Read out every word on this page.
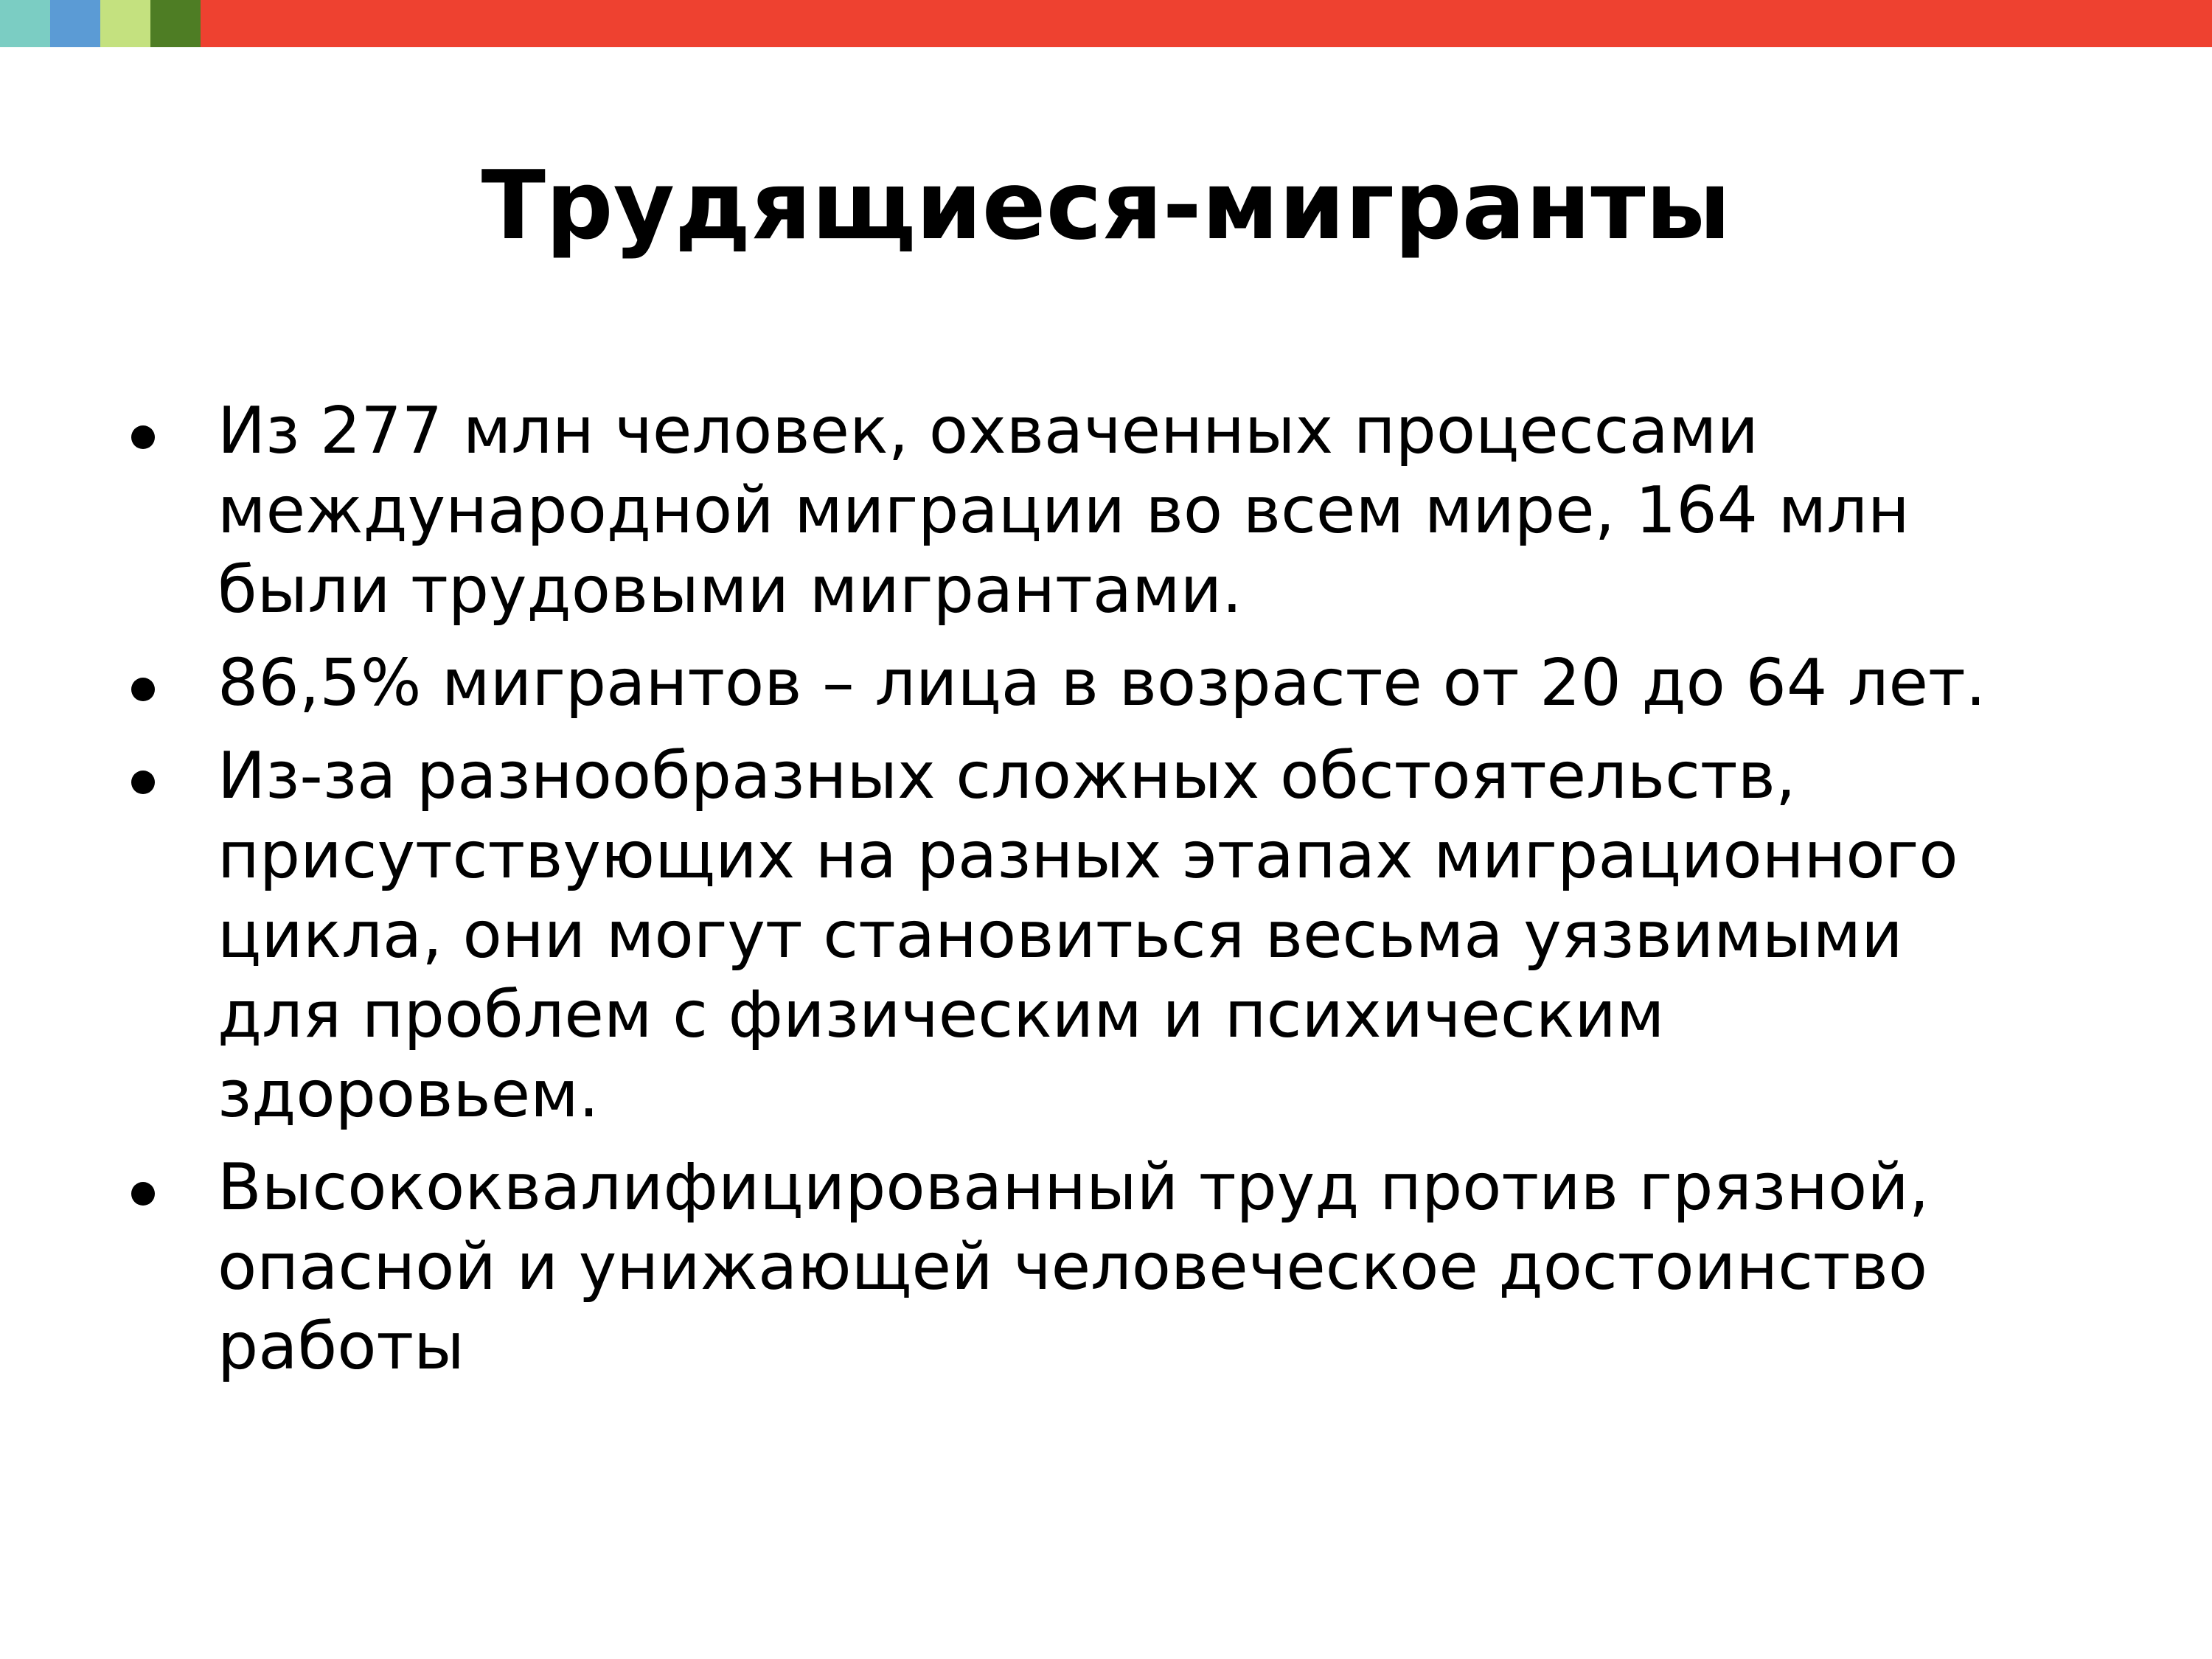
Трудящиеся-мигранты
Из 277 млн человек, охваченных процессами
международной миграции во всем мире, 164 млн
были трудовыми мигрантами.
86,5% мигрантов – лица в возрасте от 20 до 64 лет.
Из-за разнообразных сложных обстоятельств,
присутствующих на разных этапах миграционного
цикла, они могут становиться весьма уязвимыми
для проблем с физическим и психическим
здоровьем.
Высококвалифицированный труд против грязной,
опасной и унижающей человеческое достоинство
работы
